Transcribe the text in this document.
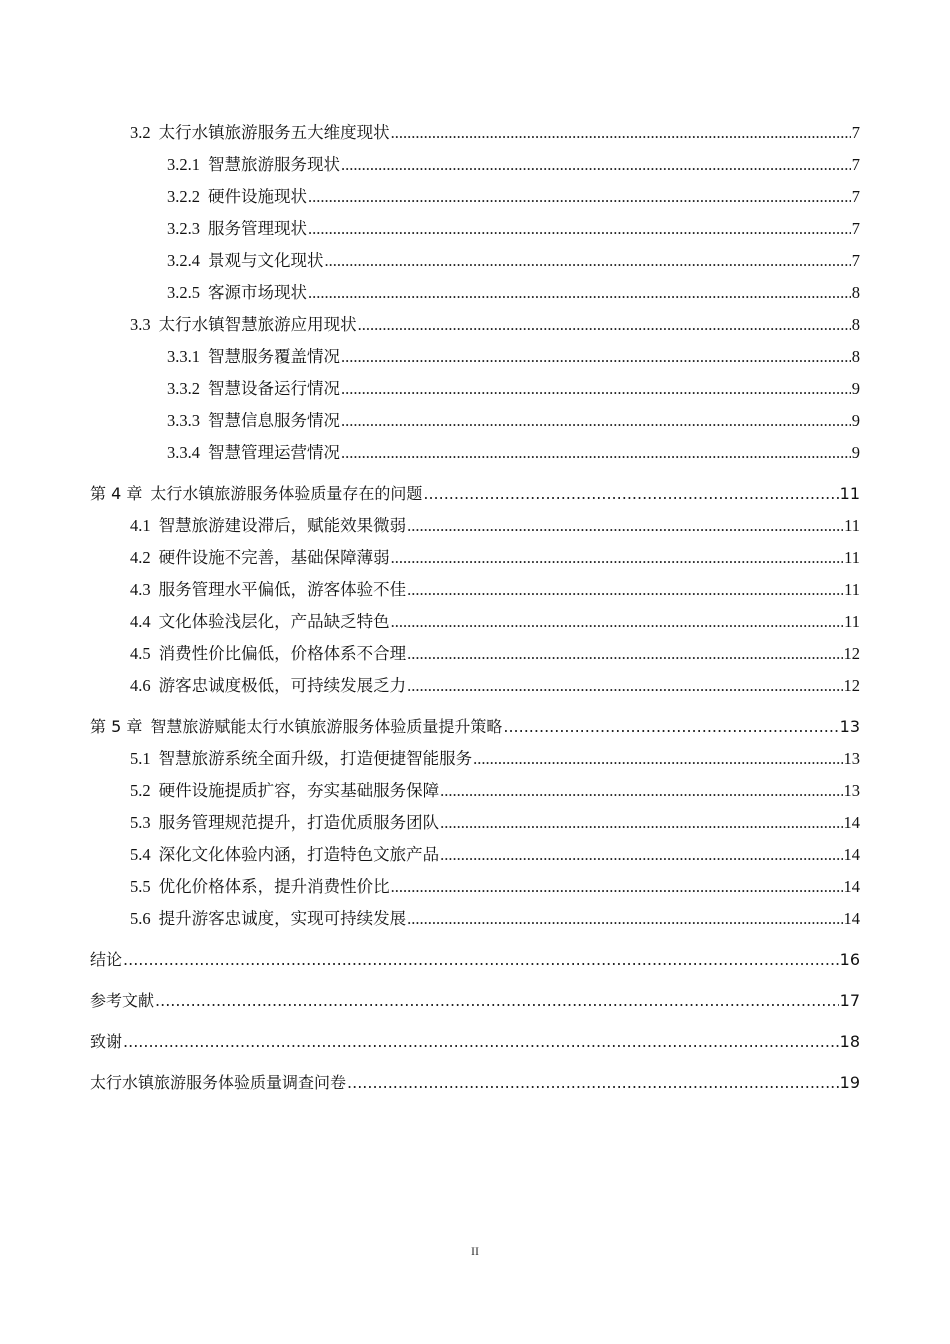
3.2 太行水镇旅游服务五大维度现状 .....	7
3.2.1 智慧旅游服务现状 .....	7
3.2.2 硬件设施现状 .....	7
3.2.3 服务管理现状 .....	7
3.2.4 景观与文化现状 .....	7
3.2.5 客源市场现状 .....	8
3.3 太行水镇智慧旅游应用现状 .....	8
3.3.1 智慧服务覆盖情况 .....	8
3.3.2 智慧设备运行情况 .....	9
3.3.3 智慧信息服务情况 .....	9
3.3.4 智慧管理运营情况 .....	9
第 4 章 太行水镇旅游服务体验质量存在的问题 .....	11
4.1 智慧旅游建设滞后，赋能效果微弱 .....	11
4.2 硬件设施不完善，基础保障薄弱 .....	11
4.3 服务管理水平偏低，游客体验不佳 .....	11
4.4 文化体验浅层化，产品缺乏特色 .....	11
4.5 消费性价比偏低，价格体系不合理 .....	12
4.6 游客忠诚度极低，可持续发展乏力 .....	12
第 5 章 智慧旅游赋能太行水镇旅游服务体验质量提升策略 .....	13
5.1 智慧旅游系统全面升级，打造便捷智能服务 .....	13
5.2 硬件设施提质扩容，夯实基础服务保障 .....	13
5.3 服务管理规范提升，打造优质服务团队 .....	14
5.4 深化文化体验内涵，打造特色文旅产品 .....	14
5.5 优化价格体系，提升消费性价比 .....	14
5.6 提升游客忠诚度，实现可持续发展 .....	14
结论 .....	16
参考文献 .....	17
致谢 .....	18
太行水镇旅游服务体验质量调查问卷 .....	19
II
